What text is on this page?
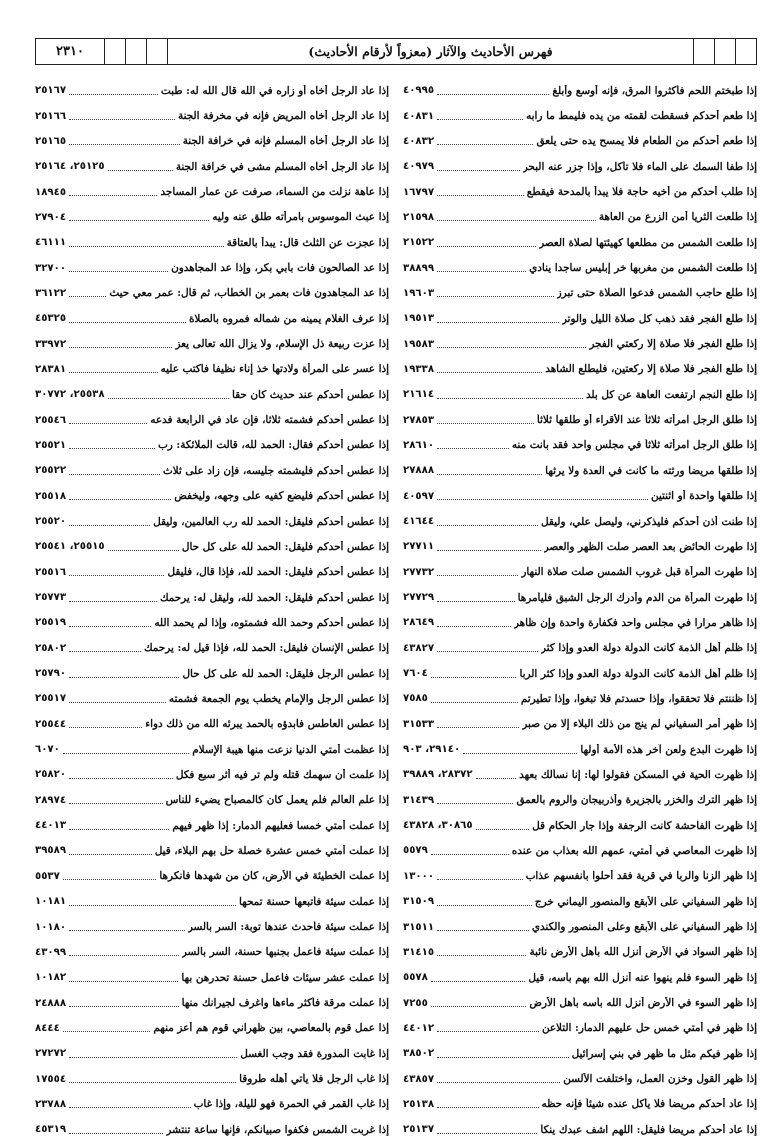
فهرس الأحاديث والآثار (معزواً لأرقام الأحاديث)
٢٣١٠
إذا طبختم اللحم فأكثروا المرق، فإنه أوسع وأبلغ
٤٠٩٩٥
إذا طعم أحدكم فسقطت لقمته من يده فليمط ما رابه
٤٠٨٣١
إذا طعم أحدكم من الطعام فلا يمسح يده حتى يلعق
٤٠٨٣٢
إذا طفا السمك على الماء فلا تأكل، وإذا جزر عنه البحر
٤٠٩٧٩
إذا طلب أحدكم من أخيه حاجة فلا يبدأ بالمدحة فيقطع
١٦٧٩٧
إذا طلعت الثريا أمن الزرع من العاهة
٢١٥٩٨
إذا طلعت الشمس من مطلعها كهيئتها لصلاة العصر
٢١٥٢٢
إذا طلعت الشمس من مغربها خر إبليس ساجدا ينادي
٣٨٨٩٩
إذا طلع حاجب الشمس فدعوا الصلاة حتى تبرز
١٩٦٠٣
إذا طلع الفجر فقد ذهب كل صلاة الليل والوتر
١٩٥١٣
إذا طلع الفجر فلا صلاة إلا ركعتي الفجر
١٩٥٨٣
إذا طلع الفجر فلا صلاة إلا ركعتين، فليطلع الشاهد
١٩٣٣٨
إذا طلع النجم ارتفعت العاهة عن كل بلد
٢١٦١٤
إذا طلق الرجل امرأته ثلاثاً عند الأقراء أو طلقها ثلاثاً
٢٧٨٥٣
إذا طلق الرجل امرأته ثلاثاً في مجلس واحد فقد بانت منه
٢٨٦١٠
إذا طلقها مريضا ورثته ما كانت في العدة ولا يرثها
٢٧٨٨٨
إذا طلقها واحدة أو اثنتين
٤٠٥٩٧
إذا طنت أذن أحدكم فليذكرني، وليصل علي، وليقل
٤١٦٤٤
إذا طهرت الحائض بعد العصر صلت الظهر والعصر
٢٧٧١١
إذا طهرت المرأة قبل غروب الشمس صلت صلاة النهار
٢٧٧٣٢
إذا طهرت المرأة من الدم وأدرك الرجل الشبق فليأمرها
٢٧٧٢٩
إذا ظاهر مرارا في مجلس واحد فكفارة واحدة وإن ظاهر
٢٨٦٤٩
إذا ظلم أهل الذمة كانت الدولة دولة العدو وإذا كثر
٤٣٨٢٧
إذا ظلم أهل الذمة كانت الدولة دولة العدو وإذا كثر الربا
٧٦٠٤
إذا ظننتم فلا تحققوا، وإذا حسدتم فلا تبغوا، وإذا تطيرتم
٧٥٨٥
إذا ظهر أمر السفياني لم ينج من ذلك البلاء إلا من صبر
٣١٥٣٣
إذا ظهرت البدع ولعن آخر هذه الأمة أولها
٢٩١٤٠، ٩٠٣
إذا ظهرت الحية في المسكن فقولوا لها: إنا نسألك بعهد
٢٨٣٧٢، ٣٩٨٨٩
إذا ظهر الترك والخزر بالجزيرة وأذربيجان والروم بالعمق
٣١٤٣٩
إذا ظهرت الفاحشة كانت الرجفة وإذا جار الحكام قل
٣٠٨٦٥، ٤٣٨٢٨
إذا ظهرت المعاصي في أمتي، عمهم الله بعذاب من عنده
٥٥٧٩
إذا ظهر الزنا والربا في قرية فقد أحلوا بأنفسهم عذاب
١٣٠٠٠
إذا ظهر السفياني على الأبقع والمنصور اليماني خرج
٣١٥٠٩
إذا ظهر السفياني على الأبقع وعلى المنصور والكندي
٣١٥١١
إذا ظهر السواد في الأرض أنزل الله بأهل الأرض نائبة
٣١٤١٥
إذا ظهر السوء فلم ينهوا عنه أنزل الله بهم بأسه، قيل
٥٥٧٨
إذا ظهر السوء في الأرض أنزل الله بأسه بأهل الأرض
٧٢٥٥
إذا ظهر في أمتي خمس حل عليهم الدمار: التلاعن
٤٤٠١٢
إذا ظهر فيكم مثل ما ظهر في بني إسرائيل
٣٨٥٠٢
إذا ظهر القول وخزن العمل، واختلفت الألسن
٤٣٨٥٧
إذا عاد أحدكم مريضا فلا يأكل عنده شيئاً فإنه حظه
٢٥١٣٨
إذا عاد أحدكم مريضا فليقل: اللهم اشف عبدك ينكأ
٢٥١٣٧
إذا عاد الرجل أخاه أو زاره في الله قال الله له: طبت
٢٥١٦٧
إذا عاد الرجل أخاه المريض فإنه في مخرفة الجنة
٢٥١٦٦
إذا عاد الرجل أخاه المسلم فإنه في خرافة الجنة
٢٥١٦٥
إذا عاد الرجل أخاه المسلم مشى في خرافة الجنة
٢٥١٢٥، ٢٥١٦٤
إذا عاهة نزلت من السماء، صرفت عن عمار المساجد
١٨٩٤٥
إذا عبث الموسوس بامرأته طلق عنه وليه
٢٧٩٠٤
إذا عجزت عن الثلث قال: يبدأ بالعتاقة
٤٦١١١
إذا عد الصالحون فات بأبي بكر، وإذا عد المجاهدون
٣٢٧٠٠
إذا عد المجاهدون فات بعمر بن الخطاب، ثم قال: عمر معي حيث
٣٦١٢٢
إذا عرف الغلام يمينه من شماله فمروه بالصلاة
٤٥٣٢٥
إذا عزت ربيعة ذل الإسلام، ولا يزال الله تعالى يعز
٣٣٩٧٢
إذا عسر على المرأة ولادتها خذ إناء نظيفا فاكتب عليه
٢٨٣٨١
إذا عطس أحدكم عند حديث كان حقا
٢٥٥٣٨، ٣٠٧٧٢
إذا عطس أحدكم فشمته ثلاثا، فإن عاد في الرابعة فدعه
٢٥٥٤٦
إذا عطس أحدكم فقال: الحمد لله، قالت الملائكة: رب
٢٥٥٢١
إذا عطس أحدكم فليشمته جليسه، فإن زاد على ثلاث
٢٥٥٢٢
إذا عطس أحدكم فليضع كفيه على وجهه، وليخفض
٢٥٥١٨
إذا عطس أحدكم فليقل: الحمد لله رب العالمين، وليقل
٢٥٥٢٠
إذا عطس أحدكم فليقل: الحمد لله على كل حال
٢٥٥١٥، ٢٥٥٤١
إذا عطس أحدكم فليقل: الحمد لله، فإذا قال، فليقل
٢٥٥١٦
إذا عطس أحدكم فليقل: الحمد لله، وليقل له: يرحمك
٢٥٧٧٣
إذا عطس أحدكم وحمد الله فشمتوه، وإذا لم يحمد الله
٢٥٥١٩
إذا عطس الإنسان فليقل: الحمد لله، فإذا قيل له: يرحمك
٢٥٨٠٢
إذا عطس الرجل فليقل: الحمد لله على كل حال
٢٥٧٩٠
إذا عطس الرجل والإمام يخطب يوم الجمعة فشمته
٢٥٥١٧
إذا عطس العاطس فابدؤه بالحمد يبرئه الله من ذلك دواء
٢٥٥٤٤
إذا عظمت أمتي الدنيا نزعت منها هيبة الإسلام
٦٠٧٠
إذا علمت أن سهمك قتله ولم تر فيه أثر سبع فكل
٢٥٨٢٠
إذا علم العالم فلم يعمل كان كالمصباح يضيء للناس
٢٨٩٧٤
إذا عملت أمتي خمسا فعليهم الدمار: إذا ظهر فيهم
٤٤٠١٣
إذا عملت أمتي خمس عشرة خصلة حل بهم البلاء، قيل
٣٩٥٨٩
إذا عملت الخطيئة في الأرض، كان من شهدها فأنكرها
٥٥٣٧
إذا عملت سيئة فأتبعها حسنة تمحها
١٠١٨١
إذا عملت سيئة فأحدث عندها توبة: السر بالسر
١٠١٨٠
إذا عملت سيئة فاعمل بجنبها حسنة، السر بالسر
٤٣٠٩٩
إذا عملت عشر سيئات فاعمل حسنة تحدرهن بها
١٠١٨٢
إذا عملت مرقة فأكثر ماءها واغرف لجيرانك منها
٢٤٨٨٨
إذا عمل قوم بالمعاصي، بين ظهراني قوم هم أعز منهم
٨٤٤٤
إذا غابت المدورة فقد وجب الغسل
٢٧٢٧٢
إذا غاب الرجل فلا يأتي أهله طروقا
١٧٥٥٤
إذا غاب القمر في الحمرة فهو لليلة، وإذا غاب
٢٣٧٨٨
إذا غربت الشمس فكفوا صبيانكم، فإنها ساعة تنتشر
٤٥٣١٩
